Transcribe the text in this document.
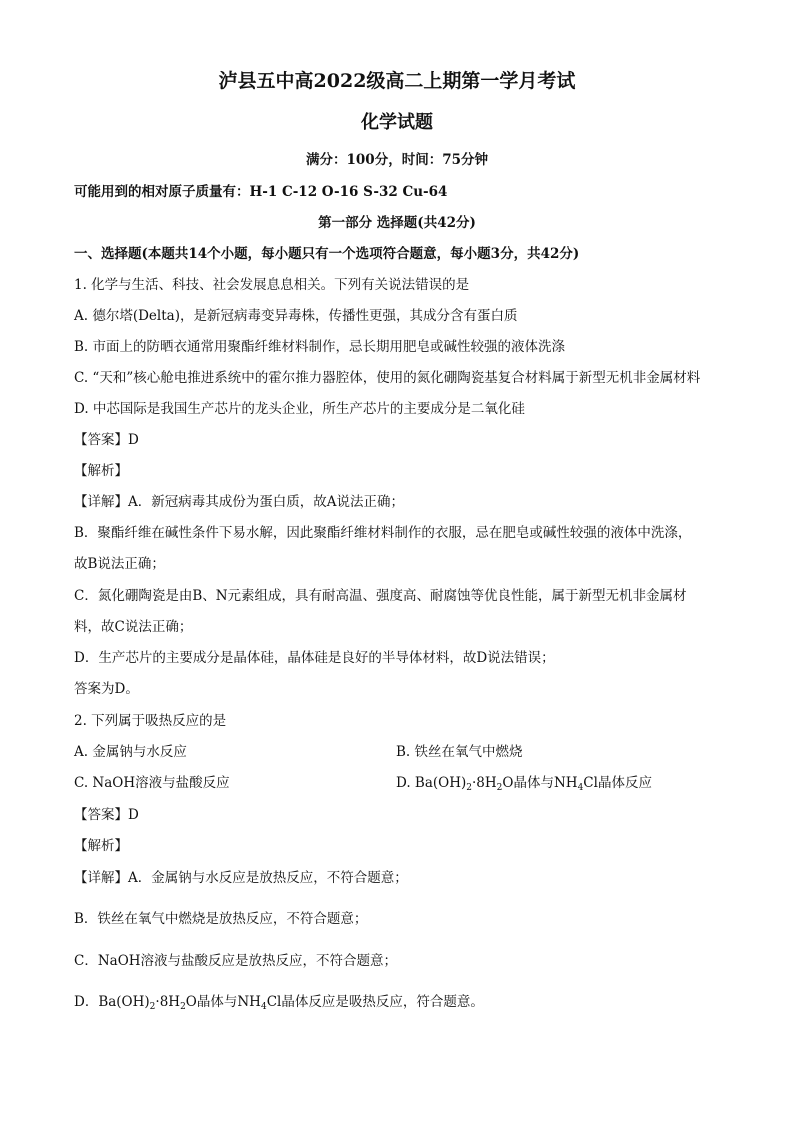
泸县五中高2022级高二上期第一学月考试
化学试题
满分：100分，时间：75分钟
可能用到的相对原子质量有：H-1 C-12 O-16 S-32 Cu-64
第一部分 选择题(共42分)
一、选择题(本题共14个小题，每小题只有一个选项符合题意，每小题3分，共42分)
1. 化学与生活、科技、社会发展息息相关。下列有关说法错误的是
A. 德尔塔(Delta)，是新冠病毒变异毒株，传播性更强，其成分含有蛋白质
B. 市面上的防晒衣通常用聚酯纤维材料制作，忌长期用肥皂或碱性较强的液体洗涤
C. “天和”核心舱电推进系统中的霍尔推力器腔体，使用的氮化硼陶瓷基复合材料属于新型无机非金属材料
D. 中芯国际是我国生产芯片的龙头企业，所生产芯片的主要成分是二氧化硅
【答案】D
【解析】
【详解】A．新冠病毒其成份为蛋白质，故A说法正确；
B．聚酯纤维在碱性条件下易水解，因此聚酯纤维材料制作的衣服，忌在肥皂或碱性较强的液体中洗涤，
故B说法正确；
C．氮化硼陶瓷是由B、N元素组成，具有耐高温、强度高、耐腐蚀等优良性能，属于新型无机非金属材
料，故C说法正确；
D．生产芯片的主要成分是晶体硅，晶体硅是良好的半导体材料，故D说法错误；
答案为D。
2. 下列属于吸热反应的是
A. 金属钠与水反应	B. 铁丝在氧气中燃烧
C. NaOH溶液与盐酸反应	D. $Ba(OH)_2\cdot 8H_2O$晶体与$NH_4Cl$晶体反应
【答案】D
【解析】
【详解】A．金属钠与水反应是放热反应，不符合题意；
B．铁丝在氧气中燃烧是放热反应，不符合题意；
C．NaOH溶液与盐酸反应是放热反应，不符合题意；
D．$Ba(OH)_2\cdot 8H_2O$晶体与$NH_4Cl$晶体反应是吸热反应，符合题意。
